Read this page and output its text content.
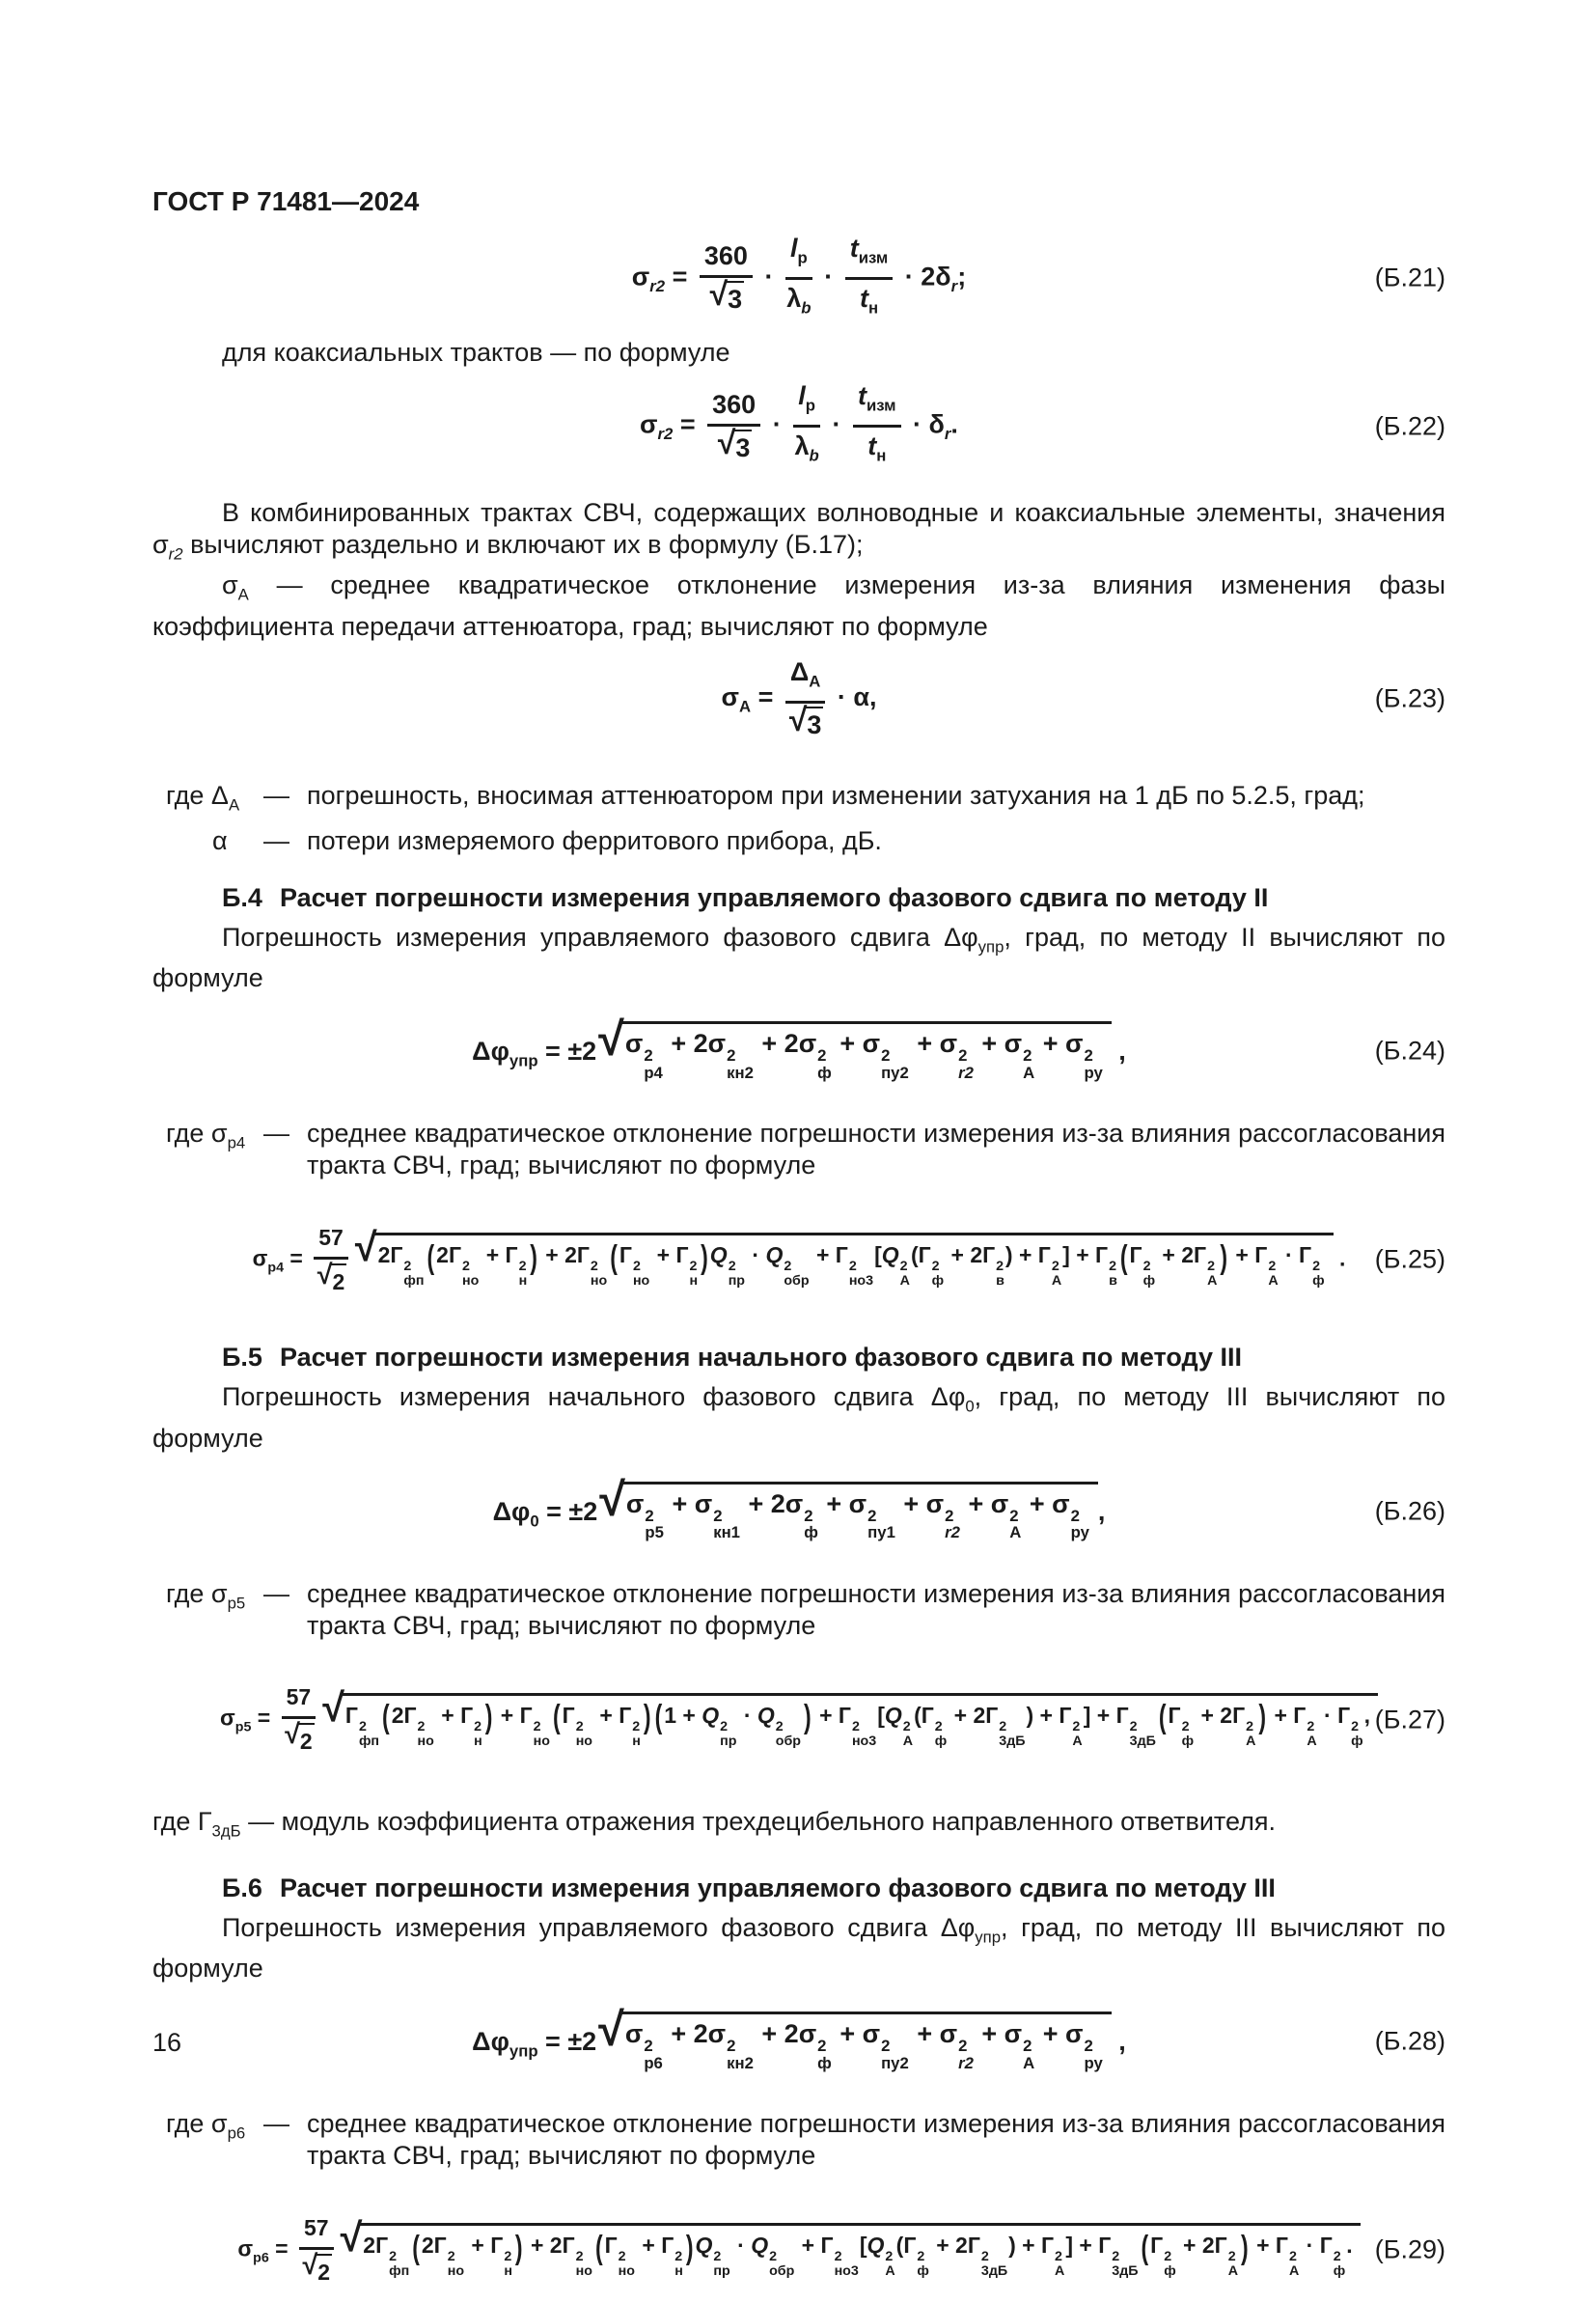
ГОСТ Р 71481—2024
$\sigma_{r2} = \frac{360}{√ 3}$ ·
$l_р$
$\lambda_b$
·
$t_{изм}$
$t_н$
· $2\delta_r$;	(Б.21)
для коаксиальных трактов — по формуле
$\sigma_{r2} = \frac{360}{√ 3}$ ·
$l_р$
$\lambda_b$
·
$t_{изм}$
$t_н$
· $\delta_r$.	(Б.22)
В комбинированных трактах СВЧ, содержащих волноводные и коаксиальные элементы, значения $\sigma_{r2}$ вычисляют раздельно и включают их в формулу (Б.17);
$\sigma_А$ — среднее квадратическое отклонение измерения из-за влияния изменения фазы коэффициента передачи аттенюатора, град; вычисляют по формуле
$\sigma_А$ =
$\Delta_А$
√ 3
· α,	(Б.23)
где $\Delta_А$ — погрешность, вносимая аттенюатором при изменении затухания на 1 дБ по 5.2.5, град;
α	— потери измеряемого ферритового прибора, дБ.
Б.4 Расчет погрешности измерения управляемого фазового сдвига по методу II
Погрешность измерения управляемого фазового сдвига $\Delta\varphi_{упр}$, град, по методу II вычисляют по формуле
$\Delta\varphi_{упр} = \pm 2$ √ σ 2
р4
+ 2σ 2
кн2
+ 2σ 2
ф
+ σ 2
пу2
+ σ 2
r2
+ σ 2
А
+ σ 2
ру
,	(Б.24)
где $\sigma_{р4}$ — среднее квадратическое отклонение погрешности измерения из-за влияния рассогласования тракта СВЧ, град; вычисляют по формуле
$\sigma_{р4} = \frac{57}{√ 2}$ √ 2Г 2
фп
(2Г 2
но
+ Г 2
н
) + 2Г 2
но
(Г 2
но
+ Г 2
н
)Q 2
пр
· Q 2
обр
+ Г 2
но3
[Q 2
А
(Г 2
ф
+ 2Г 2
в
) + Г 2
А
] + Г 2
в
(Г 2
ф
+ 2Г 2
А
) + Г 2
А
· Г 2
ф
. (Б.25)
Б.5 Расчет погрешности измерения начального фазового сдвига по методу III
Погрешность измерения начального фазового сдвига $\Delta\varphi_0$, град, по методу III вычисляют по формуле
$\Delta\varphi_0 = \pm 2$ √ σ 2
р5
+ σ 2
кн1
+ 2σ 2
ф
+ σ 2
пу1
+ σ 2
r2
+ σ 2
А
+ σ 2
ру
,	(Б.26)
где $\sigma_{р5}$ — среднее квадратическое отклонение погрешности измерения из-за влияния рассогласования тракта СВЧ, град; вычисляют по формуле
$\sigma_{р5} = \frac{57}{√ 2}$ √ Г 2
фп
(2Г 2
но
+ Г 2
н
) + Г 2
но
(Г 2
но
+ Г 2
н
) (1 + Q 2
пр
· Q 2
обр
) + Г 2
но3
[Q 2
А
(Г 2
ф
+ 2Г 2
3дБ
) + Г 2
А
] + Г 2
3дБ
(Г 2
ф
+ 2Г 2
А
) + Г 2
А
· Г 2
ф
, (Б.27)
где $Г_{3дБ}$ — модуль коэффициента отражения трехдецибельного направленного ответвителя.
Б.6 Расчет погрешности измерения управляемого фазового сдвига по методу III
Погрешность измерения управляемого фазового сдвига $\Delta\varphi_{упр}$, град, по методу III вычисляют по формуле
$\Delta\varphi_{упр} = \pm 2$ √ σ 2
р6
+ 2σ 2
кн2
+ 2σ 2
ф
+ σ 2
пу2
+ σ 2
r2
+ σ 2
А
+ σ 2
ру
,	(Б.28)
где $\sigma_{р6}$ — среднее квадратическое отклонение погрешности измерения из-за влияния рассогласования тракта СВЧ, град; вычисляют по формуле
$\sigma_{р6} = \frac{57}{√ 2}$ √ 2Г 2
фп
(2Г 2
но
+ Г 2
н
) + 2Г 2
но
(Г 2
но
+ Г 2
н
)Q 2
пр
· Q 2
обр
+ Г 2
но3
[Q 2
А
(Г 2
ф
+ 2Г 2
3дБ
) + Г 2
А
] + Г 2
3дБ
(Г 2
ф
+ 2Г 2
А
) + Г 2
А
· Г 2
ф
. (Б.29)
16
